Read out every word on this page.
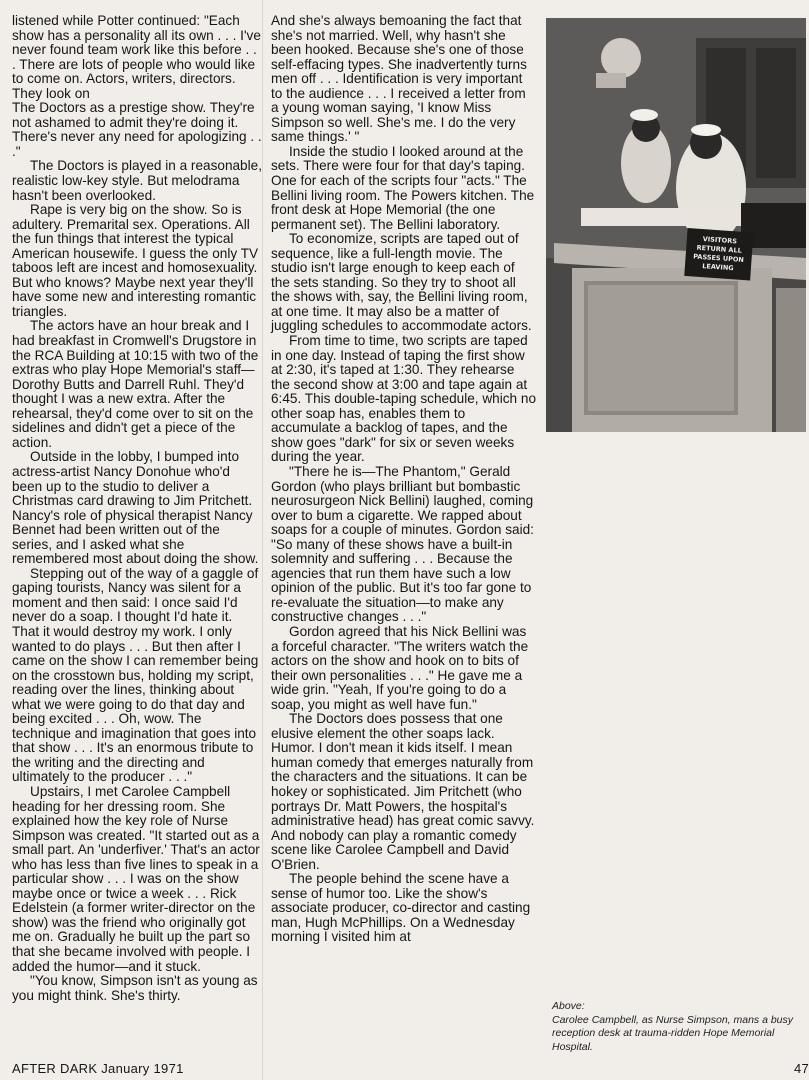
listened while Potter continued: "Each show has a personality all its own . . . I've never found team work like this before . . . There are lots of people who would like to come on. Actors, writers, directors. They look on

The Doctors as a prestige show. They're not ashamed to admit they're doing it. There's never any need for apologizing . . ."

The Doctors is played in a reasonable, realistic low-key style. But melodrama hasn't been overlooked.

Rape is very big on the show. So is adultery. Premarital sex. Operations. All the fun things that interest the typical American housewife. I guess the only TV taboos left are incest and homosexuality. But who knows? Maybe next year they'll have some new and interesting romantic triangles.

The actors have an hour break and I had breakfast in Cromwell's Drugstore in the RCA Building at 10:15 with two of the extras who play Hope Memorial's staff—Dorothy Butts and Darrell Ruhl. They'd thought I was a new extra. After the rehearsal, they'd come over to sit on the sidelines and didn't get a piece of the action.

Outside in the lobby, I bumped into actress-artist Nancy Donohue who'd been up to the studio to deliver a Christmas card drawing to Jim Pritchett. Nancy's role of physical therapist Nancy Bennet had been written out of the series, and I asked what she remembered most about doing the show.

Stepping out of the way of a gaggle of gaping tourists, Nancy was silent for a moment and then said: I once said I'd never do a soap. I thought I'd hate it. That it would destroy my work. I only wanted to do plays . . . But then after I came on the show I can remember being on the crosstown bus, holding my script, reading over the lines, thinking about what we were going to do that day and being excited . . . Oh, wow. The technique and imagination that goes into that show . . . It's an enormous tribute to the writing and the directing and ultimately to the producer . . ."

Upstairs, I met Carolee Campbell heading for her dressing room. She explained how the key role of Nurse Simpson was created. "It started out as a small part. An 'underfiver.' That's an actor who has less than five lines to speak in a particular show . . . I was on the show maybe once or twice a week . . . Rick Edelstein (a former writer-director on the show) was the friend who originally got me on. Gradually he built up the part so that she became involved with people. I added the humor—and it stuck.

"You know, Simpson isn't as young as you might think. She's thirty.

And she's always bemoaning the fact that she's not married. Well, why hasn't she been hooked. Because she's one of those self-effacing types. She inadvertently turns men off . . . Identification is very important to the audience . . . I received a letter from a young woman saying, 'I know Miss Simpson so well. She's me. I do the very same things.' "

Inside the studio I looked around at the sets. There were four for that day's taping. One for each of the scripts four "acts." The Bellini living room. The Powers kitchen. The front desk at Hope Memorial (the one permanent set). The Bellini laboratory.

To economize, scripts are taped out of sequence, like a full-length movie. The studio isn't large enough to keep each of the sets standing. So they try to shoot all the shows with, say, the Bellini living room, at one time. It may also be a matter of juggling schedules to accommodate actors.

From time to time, two scripts are taped in one day. Instead of taping the first show at 2:30, it's taped at 1:30. They rehearse the second show at 3:00 and tape again at 6:45. This double-taping schedule, which no other soap has, enables them to accumulate a backlog of tapes, and the show goes "dark" for six or seven weeks during the year.

"There he is—The Phantom," Gerald Gordon (who plays brilliant but bombastic neurosurgeon Nick Bellini) laughed, coming over to bum a cigarette. We rapped about soaps for a couple of minutes. Gordon said: "So many of these shows have a built-in solemnity and suffering . . . Because the agencies that run them have such a low opinion of the public. But it's too far gone to re-evaluate the situation—to make any constructive changes . . ."

Gordon agreed that his Nick Bellini was a forceful character. "The writers watch the actors on the show and hook on to bits of their own personalities . . ." He gave me a wide grin. "Yeah, If you're going to do a soap, you might as well have fun."

The Doctors does possess that one elusive element the other soaps lack. Humor. I don't mean it kids itself. I mean human comedy that emerges naturally from the characters and the situations. It can be hokey or sophisticated. Jim Pritchett (who portrays Dr. Matt Powers, the hospital's administrative head) has great comic savvy. And nobody can play a romantic comedy scene like Carolee Campbell and David O'Brien.

The people behind the scene have a sense of humor too. Like the show's associate producer, co-director and casting man, Hugh McPhillips. On a Wednesday morning I visited him at

VISITORS
RETURN ALL
PASSES UPON
LEAVING
Above:
Carolee Campbell, as Nurse Simpson, mans a busy reception desk at trauma-ridden Hope Memorial Hospital.
AFTER DARK January 1971	47
